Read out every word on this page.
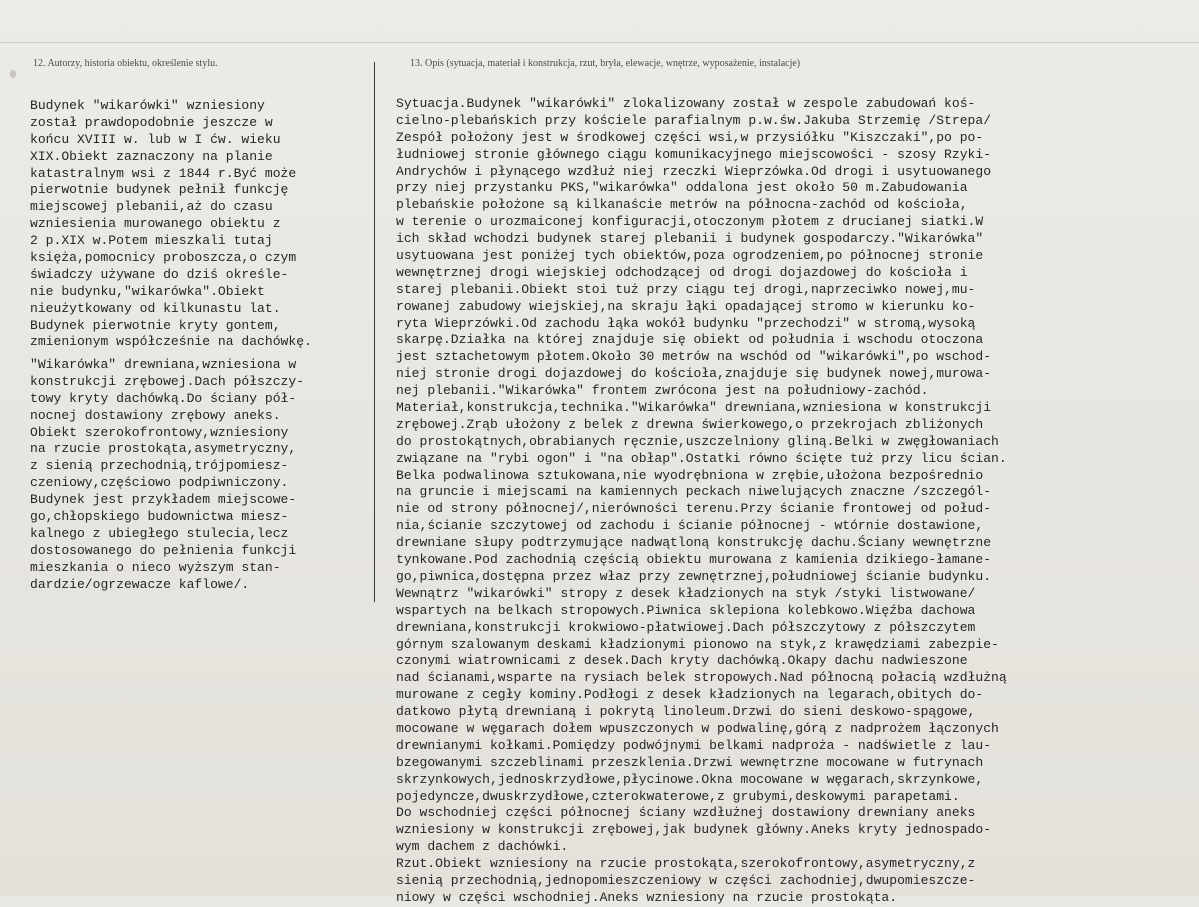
12. Autorzy, historia obiektu, określenie stylu.	13. Opis (sytuacja, materiał i konstrukcja, rzut, bryła, elewacje, wnętrze, wyposażenie, instalacje)
Budynek "wikarówki" wzniesiony
został prawdopodobnie jeszcze w
końcu XVIII w. lub w I ćw. wieku
XIX.Obiekt zaznaczony na planie
katastralnym wsi z 1844 r.Być może
pierwotnie budynek pełnił funkcję
miejscowej plebanii,aż do czasu
wzniesienia murowanego obiektu z
2 p.XIX w.Potem mieszkali tutaj
księża,pomocnicy proboszcza,o czym
świadczy używane do dziś określe-
nie budynku,"wikarówka".Obiekt
nieużytkowany od kilkunastu lat.
Budynek pierwotnie kryty gontem,
zmienionym współcześnie na dachówkę.
"Wikarówka" drewniana,wzniesiona w
konstrukcji zrębowej.Dach półszczy-
towy kryty dachówką.Do ściany pół-
nocnej dostawiony zrębowy aneks.
Obiekt szerokofrontowy,wzniesiony
na rzucie prostokąta,asymetryczny,
z sienią przechodnią,trójpomiesz-
czeniowy,częściowo podpiwniczony.
Budynek jest przykładem miejscowe-
go,chłopskiego budownictwa miesz-
kalnego z ubiegłego stulecia,lecz
dostosowanego do pełnienia funkcji
mieszkania o nieco wyższym stan-
dardzie/ogrzewacze kaflowe/.
Sytuacja.Budynek "wikarówki" zlokalizowany został w zespole zabudowań koś-
cielno-plebańskich przy kościele parafialnym p.w.św.Jakuba Strzemię /Strepa/
Zespół położony jest w środkowej części wsi,w przysiółku "Kiszczaki",po po-
łudniowej stronie głównego ciągu komunikacyjnego miejscowości - szosy Rzyki-
Andrychów i płynącego wzdłuż niej rzeczki Wieprzówka.Od drogi i usytuowanego
przy niej przystanku PKS,"wikarówka" oddalona jest około 50 m.Zabudowania
plebańskie położone są kilkanaście metrów na północna-zachód od kościoła,
w terenie o urozmaiconej konfiguracji,otoczonym płotem z drucianej siatki.W
ich skład wchodzi budynek starej plebanii i budynek gospodarczy."Wikarówka"
usytuowana jest poniżej tych obiektów,poza ogrodzeniem,po północnej stronie
wewnętrznej drogi wiejskiej odchodzącej od drogi dojazdowej do kościoła i
starej plebanii.Obiekt stoi tuż przy ciągu tej drogi,naprzeciwko nowej,mu-
rowanej zabudowy wiejskiej,na skraju łąki opadającej stromo w kierunku ko-
ryta Wieprzówki.Od zachodu łąka wokół budynku "przechodzi" w stromą,wysoką
skarpę.Działka na której znajduje się obiekt od południa i wschodu otoczona
jest sztachetowym płotem.Około 30 metrów na wschód od "wikarówki",po wschod-
niej stronie drogi dojazdowej do kościoła,znajduje się budynek nowej,murowa-
nej plebanii."Wikarówka" frontem zwrócona jest na południowy-zachód.
Materiał,konstrukcja,technika."Wikarówka" drewniana,wzniesiona w konstrukcji
zrębowej.Zrąb ułożony z belek z drewna świerkowego,o przekrojach zbliżonych
do prostokątnych,obrabianych ręcznie,uszczelniony gliną.Belki w zwęgłowaniach
związane na "rybi ogon" i "na obłap".Ostatki równo ścięte tuż przy licu ścian.
Belka podwalinowa sztukowana,nie wyodrębniona w zrębie,ułożona bezpośrednio
na gruncie i miejscami na kamiennych peckach niwelujących znaczne /szczegól-
nie od strony północnej/,nierówności terenu.Przy ścianie frontowej od połud-
nia,ścianie szczytowej od zachodu i ścianie północnej - wtórnie dostawione,
drewniane słupy podtrzymujące nadwątloną konstrukcję dachu.Ściany wewnętrzne
tynkowane.Pod zachodnią częścią obiektu murowana z kamienia dzikiego-łamane-
go,piwnica,dostępna przez właz przy zewnętrznej,południowej ścianie budynku.
Wewnątrz "wikarówki" stropy z desek kładzionych na styk /styki listwowane/
wspartych na belkach stropowych.Piwnica sklepiona kolebkowo.Więźba dachowa
drewniana,konstrukcji krokwiowo-płatwiowej.Dach półszczytowy z półszczytem
górnym szalowanym deskami kładzionymi pionowo na styk,z krawędziami zabezpie-
czonymi wiatrownicami z desek.Dach kryty dachówką.Okapy dachu nadwieszone
nad ścianami,wsparte na rysiach belek stropowych.Nad północną połacią wzdłużną
murowane z cegły kominy.Podłogi z desek kładzionych na legarach,obitych do-
datkowo płytą drewnianą i pokrytą linoleum.Drzwi do sieni deskowo-spągowe,
mocowane w węgarach dołem wpuszczonych w podwalinę,górą z nadprożem łączonych
drewnianymi kołkami.Pomiędzy podwójnymi belkami nadproża - nadświetle z lau-
bzegowanymi szczeblinami przeszklenia.Drzwi wewnętrzne mocowane w futrynach
skrzynkowych,jednoskrzydłowe,płycinowe.Okna mocowane w węgarach,skrzynkowe,
pojedyncze,dwuskrzydłowe,czterokwaterowe,z grubymi,deskowymi parapetami.
Do wschodniej części północnej ściany wzdłużnej dostawiony drewniany aneks
wzniesiony w konstrukcji zrębowej,jak budynek główny.Aneks kryty jednospado-
wym dachem z dachówki.
Rzut.Obiekt wzniesiony na rzucie prostokąta,szerokofrontowy,asymetryczny,z
sienią przechodnią,jednopomieszczeniowy w części zachodniej,dwupomieszcze-
niowy w części wschodniej.Aneks wzniesiony na rzucie prostokąta.
